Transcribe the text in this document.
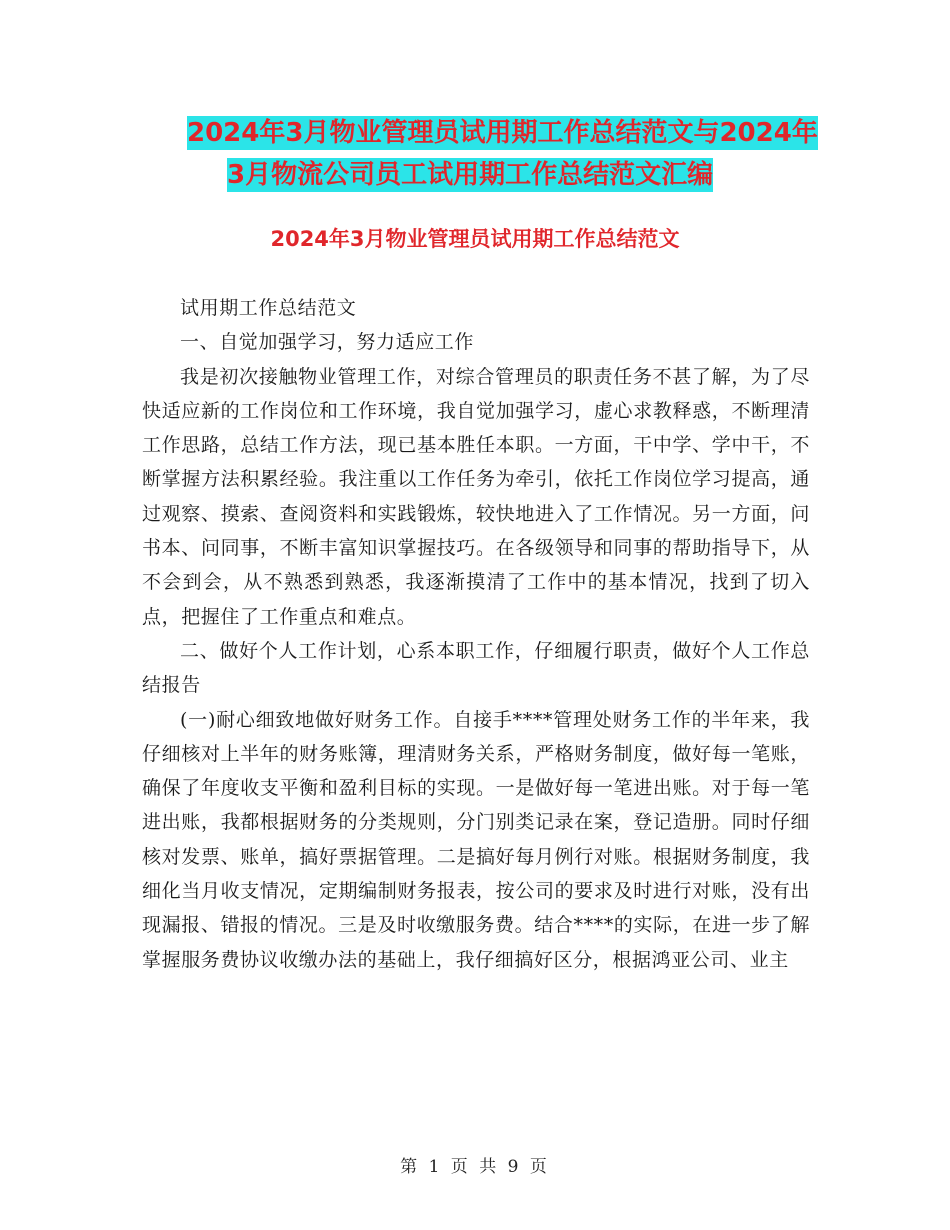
2024年3月物业管理员试用期工作总结范文与2024年
3月物流公司员工试用期工作总结范文汇编
2024年3月物业管理员试用期工作总结范文

试用期工作总结范文

一、自觉加强学习，努力适应工作

我是初次接触物业管理工作，对综合管理员的职责任务不甚了解，为了尽快适应新的工作岗位和工作环境，我自觉加强学习，虚心求教释惑，不断理清工作思路，总结工作方法，现已基本胜任本职。一方面，干中学、学中干，不断掌握方法积累经验。我注重以工作任务为牵引，依托工作岗位学习提高，通过观察、摸索、查阅资料和实践锻炼，较快地进入了工作情况。另一方面，问书本、问同事，不断丰富知识掌握技巧。在各级领导和同事的帮助指导下，从不会到会，从不熟悉到熟悉，我逐渐摸清了工作中的基本情况，找到了切入点，把握住了工作重点和难点。

二、做好个人工作计划，心系本职工作，仔细履行职责，做好个人工作总结报告

(一)耐心细致地做好财务工作。自接手****管理处财务工作的半年来，我仔细核对上半年的财务账簿，理清财务关系，严格财务制度，做好每一笔账，确保了年度收支平衡和盈利目标的实现。一是做好每一笔进出账。对于每一笔进出账，我都根据财务的分类规则，分门别类记录在案，登记造册。同时仔细核对发票、账单，搞好票据管理。二是搞好每月例行对账。根据财务制度，我细化当月收支情况，定期编制财务报表，按公司的要求及时进行对账，没有出现漏报、错报的情况。三是及时收缴服务费。结合****的实际，在进一步了解掌握服务费协议收缴办法的基础上，我仔细搞好区分，根据鸿亚公司、业主

第 1 页 共 9 页
